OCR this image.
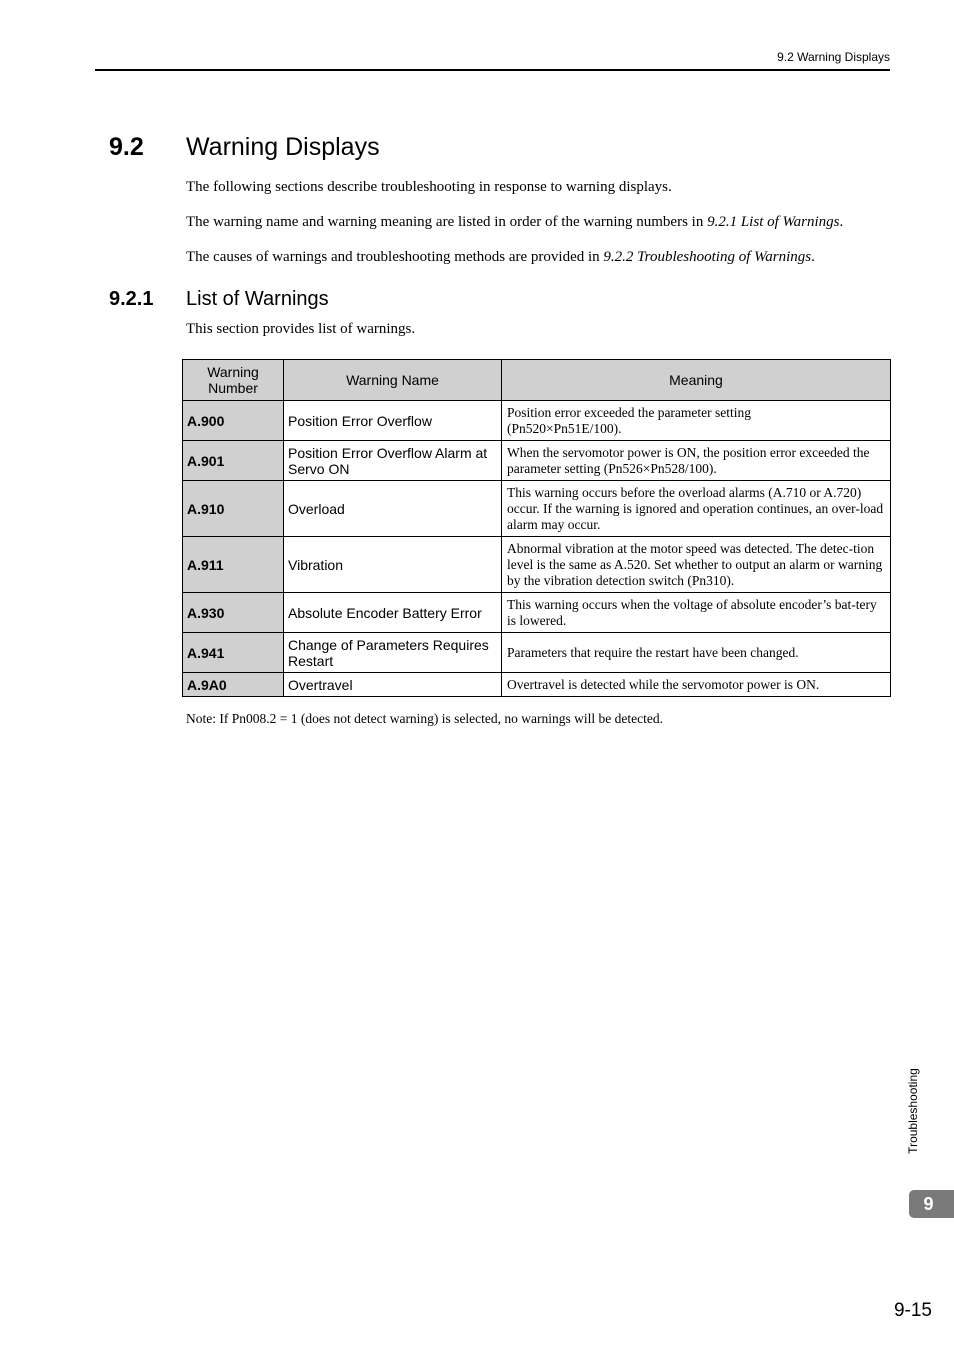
9.2 Warning Displays
9.2 Warning Displays
The following sections describe troubleshooting in response to warning displays.
The warning name and warning meaning are listed in order of the warning numbers in 9.2.1 List of Warnings.
The causes of warnings and troubleshooting methods are provided in 9.2.2 Troubleshooting of Warnings.
9.2.1 List of Warnings
This section provides list of warnings.
Warning Number	Warning Name	Meaning
A.900	Position Error Overflow	Position error exceeded the parameter setting (Pn520×Pn51E/100).
A.901	Position Error Overflow Alarm at Servo ON	When the servomotor power is ON, the position error exceeded the parameter setting (Pn526×Pn528/100).
A.910	Overload	This warning occurs before the overload alarms (A.710 or A.720) occur. If the warning is ignored and operation continues, an over-load alarm may occur.
A.911	Vibration	Abnormal vibration at the motor speed was detected. The detec-tion level is the same as A.520. Set whether to output an alarm or warning by the vibration detection switch (Pn310).
A.930	Absolute Encoder Battery Error	This warning occurs when the voltage of absolute encoder’s bat-tery is lowered.
A.941	Change of Parameters Requires Restart	Parameters that require the restart have been changed.
A.9A0	Overtravel	Overtravel is detected while the servomotor power is ON.
Note: If Pn008.2 = 1 (does not detect warning) is selected, no warnings will be detected.
Troubleshooting
9
9-15
